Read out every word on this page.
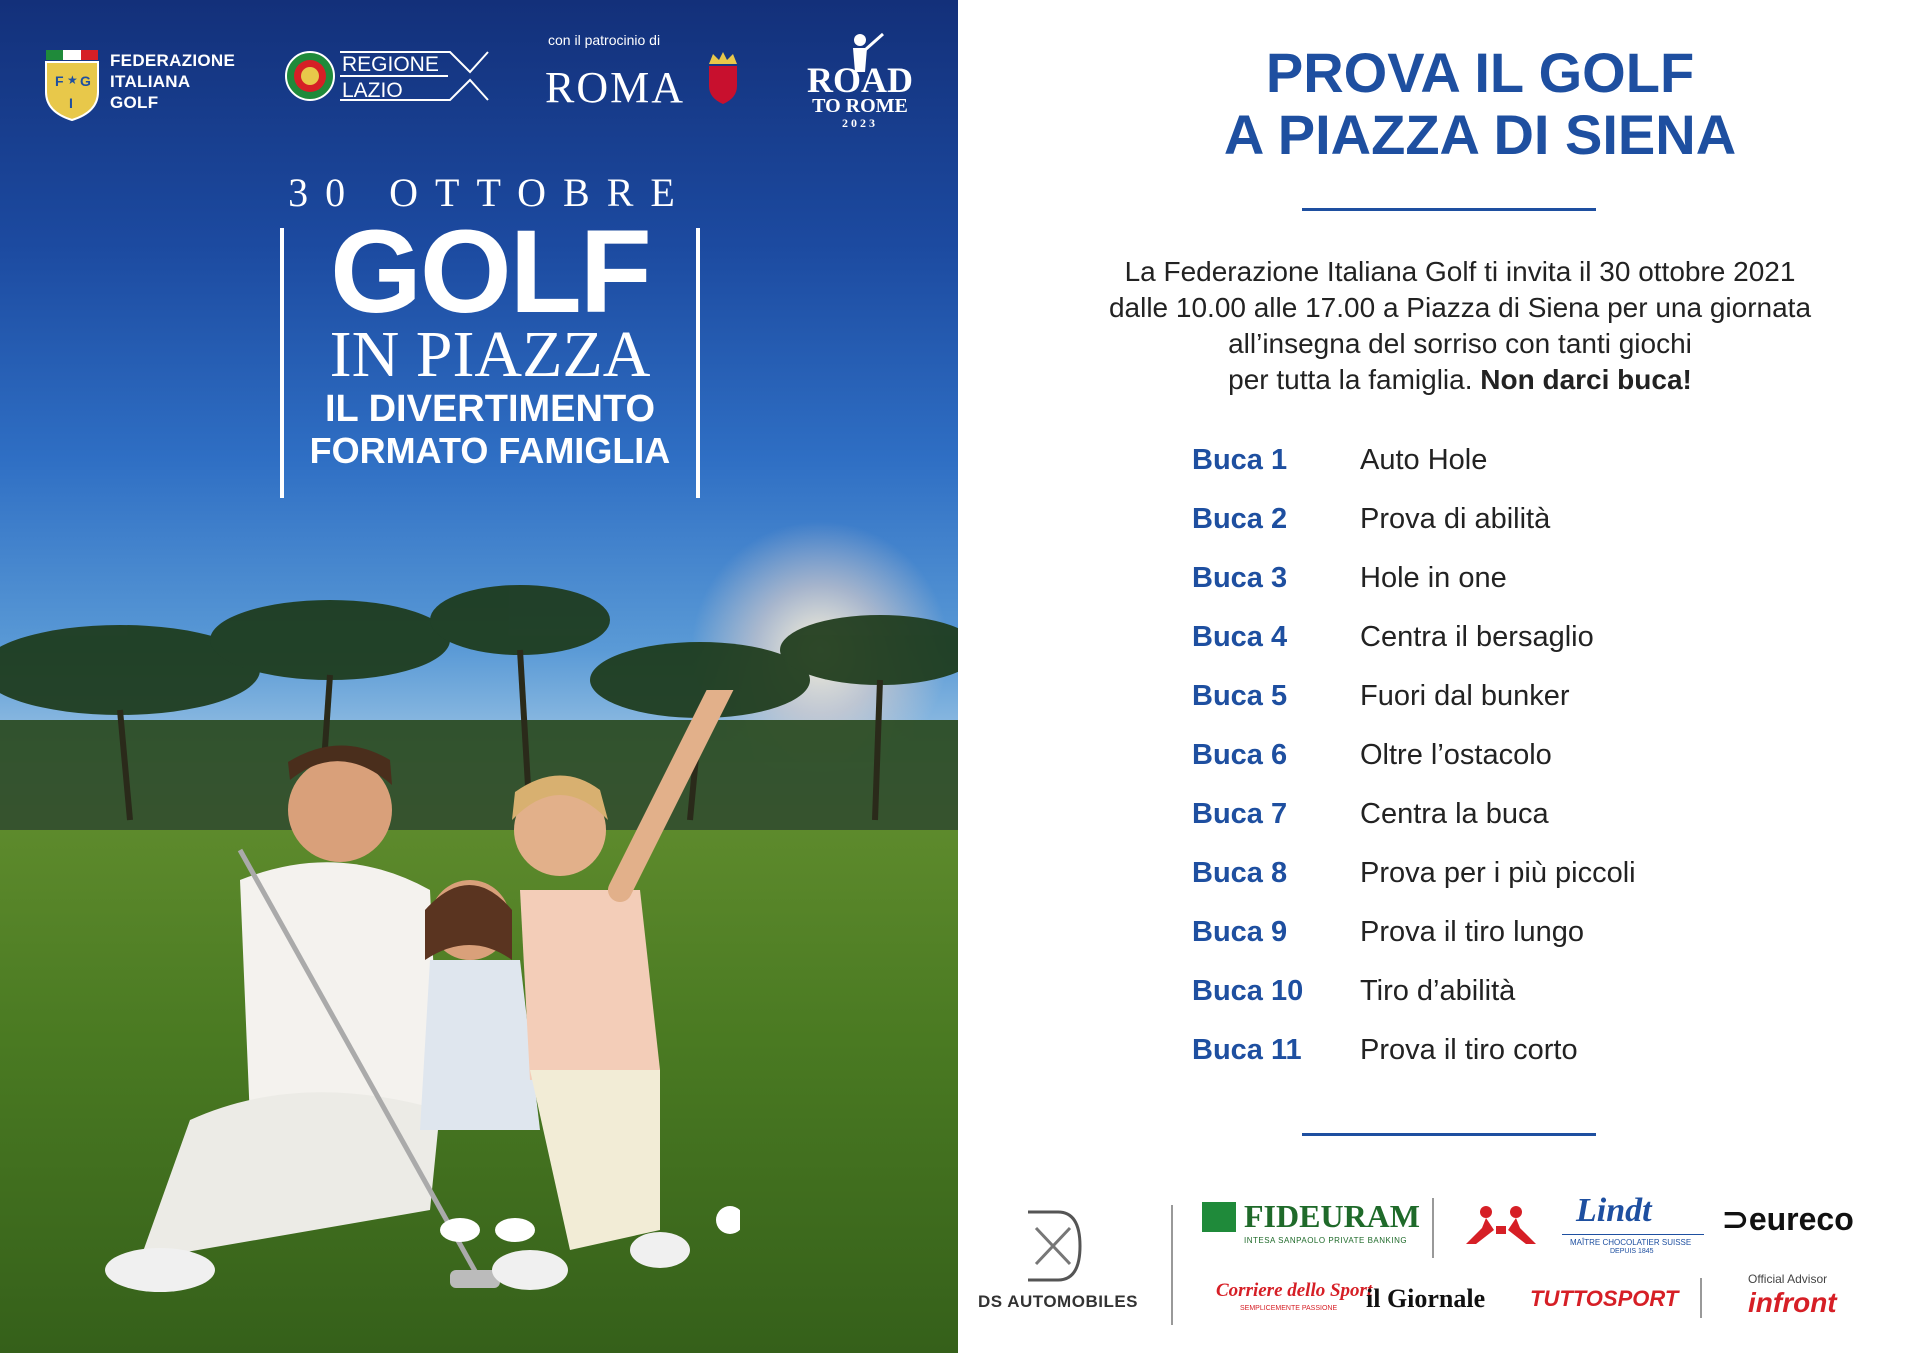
F G
I
★
FEDERAZIONE
ITALIANA
GOLF
REGIONE
LAZIO
con il patrocinio di
ROMA	ROAD
TO ROME
2023
30 OTTOBRE
GOLF
IN PIAZZA
IL DIVERTIMENTO
FORMATO FAMIGLIA
PROVA IL GOLF
A PIAZZA DI SIENA
La Federazione Italiana Golf ti invita il 30 ottobre 2021
dalle 10.00 alle 17.00 a Piazza di Siena per una giornata
all’insegna del sorriso con tanti giochi
per tutta la famiglia. Non darci buca!
Buca 1	Auto Hole
Buca 2	Prova di abilità
Buca 3	Hole in one
Buca 4	Centra il bersaglio
Buca 5	Fuori dal bunker
Buca 6	Oltre l’ostacolo
Buca 7	Centra la buca
Buca 8	Prova per i più piccoli
Buca 9	Prova il tiro lungo
Buca 10 Tiro d’abilità
Buca 11 Prova il tiro corto
DS AUTOMOBILES
FIDEURAM
INTESA SANPAOLO PRIVATE BANKING
Lindt
MAÎTRE CHOCOLATIER SUISSE
DEPUIS 1845
⊃eureco
Corriere dello Sport
SEMPLICEMENTE PASSIONE il Giornale TUTTOSPORT
Official Advisor
infront
